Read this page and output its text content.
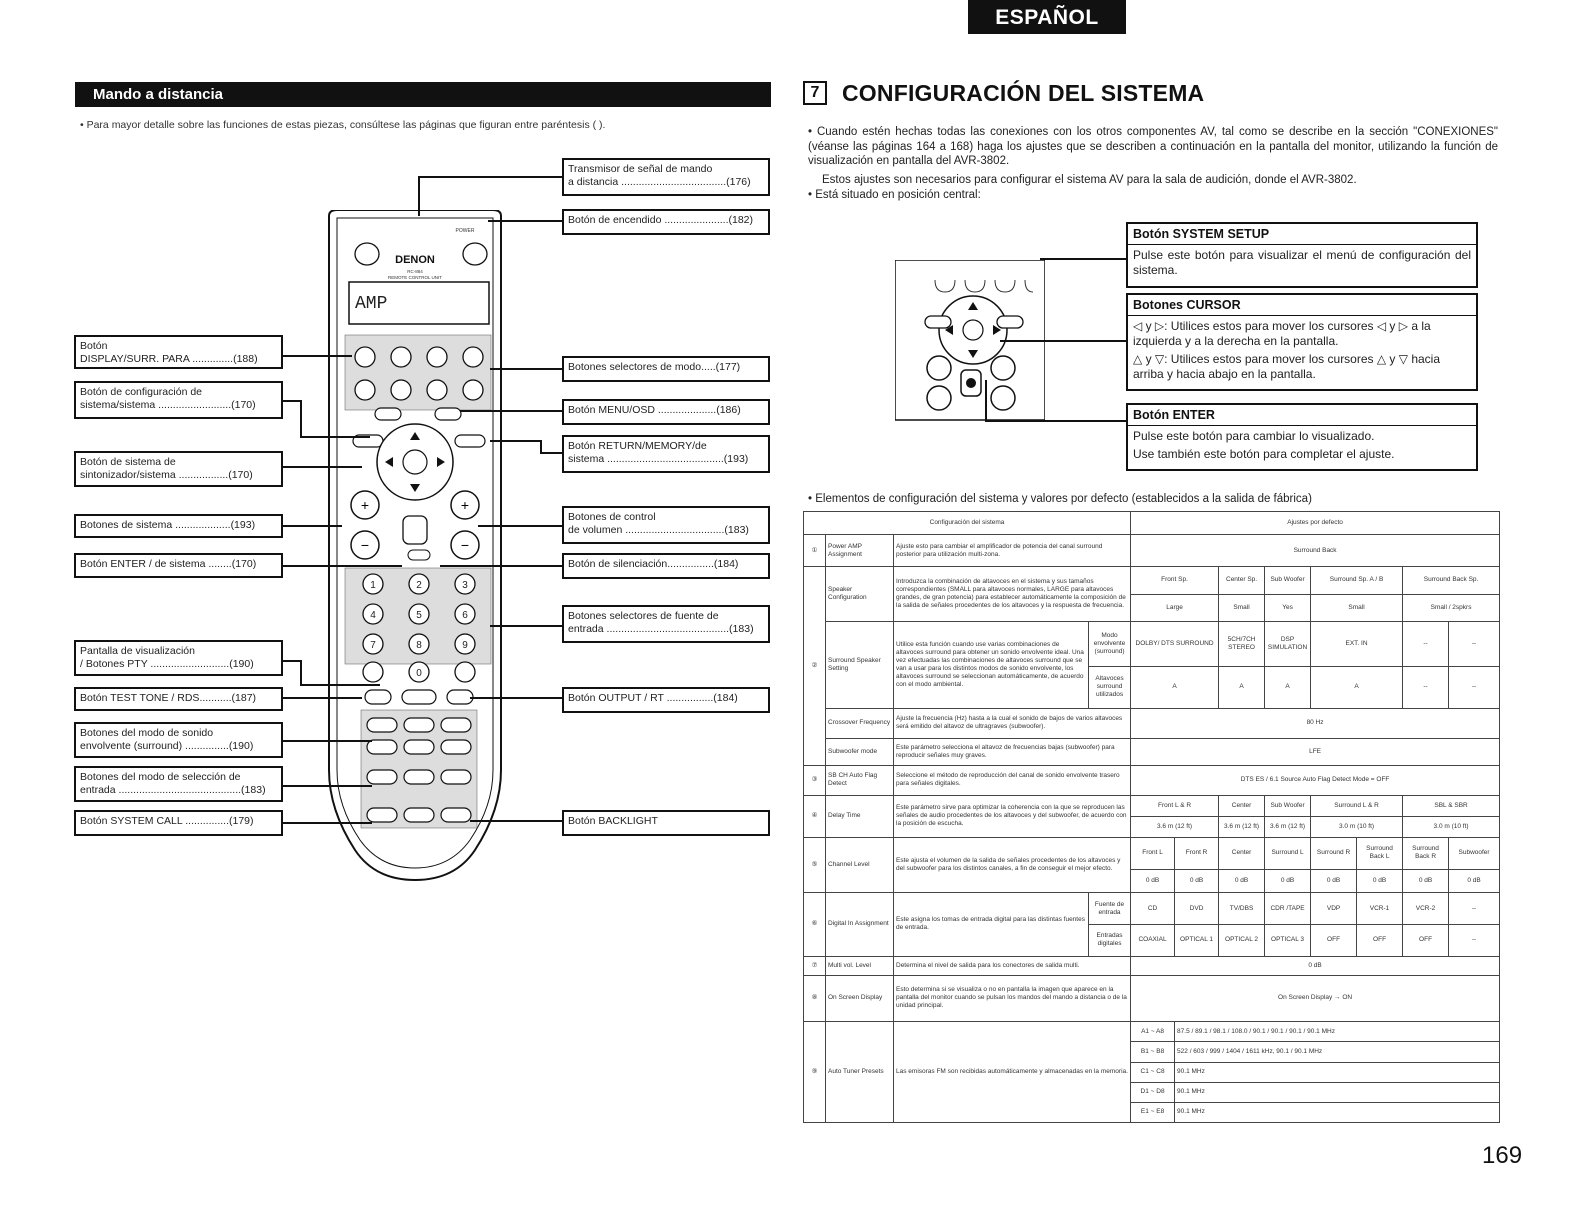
ESPAÑOL
Mando a distancia
• Para mayor detalle sobre las funciones de estas piezas, consúltese las páginas que figuran entre paréntesis ( ).
AMP
DENON
RC-884
REMOTE CONTROL UNIT
POWER
+	+
−	−
1	2	3
4	5	6
7	8	9
0
Botón
DISPLAY/SURR. PARA ..............(188)
Botón de configuración de
sistema/sistema .........................(170)
Botón de sistema de
sintonizador/sistema .................(170)
Botones de sistema ...................(193)
Botón ENTER / de sistema ........(170)
Pantalla de visualización
/ Botones PTY ...........................(190)
Botón TEST TONE / RDS...........(187)
Botones del modo de sonido
envolvente (surround) ...............(190)
Botones del modo de selección de
entrada ..........................................(183)
Botón SYSTEM CALL ...............(179)
Transmisor de señal de mando
a distancia ....................................(176)
Botón de encendido ......................(182)
Botones selectores de modo.....(177)
Botón MENU/OSD ....................(186)
Botón RETURN/MEMORY/de
sistema ........................................(193)
Botones de control
de volumen ..................................(183)
Botón de silenciación................(184)
Botones selectores de fuente de
entrada ..........................................(183)
Botón OUTPUT / RT ................(184)
Botón BACKLIGHT
7 CONFIGURACIÓN DEL SISTEMA
• Cuando estén hechas todas las conexiones con los otros componentes AV, tal como se describe en la sección "CONEXIONES" (véanse las páginas 164 a 168) haga los ajustes que se describen a continuación en la pantalla del monitor, utilizando la función de visualización en pantalla del AVR-3802.
Estos ajustes son necesarios para configurar el sistema AV para la sala de audición, donde el AVR-3802.
• Está situado en posición central:
Botón SYSTEM SETUP
Pulse este botón para visualizar el menú de configuración del sistema.
Botones CURSOR
◁ y ▷: Utilices estos para mover los cursores ◁ y ▷ a la izquierda y a la derecha en la pantalla.
△ y ▽: Utilices estos para mover los cursores △ y ▽ hacia arriba y hacia abajo en la pantalla.
Botón ENTER
Pulse este botón para cambiar lo visualizado.
Use también este botón para completar el ajuste.
• Elementos de configuración del sistema y valores por defecto (establecidos a la salida de fábrica)
Configuración del sistema				Ajustes por defecto							
①	Power AMP Assignment	Ajuste esto para cambiar el amplificador de potencia del canal surround posterior para utilización multi-zona.		Surround Back							
②	Speaker Configuration	Introduzca la combinación de altavoces en el sistema y sus tamaños correspondientes (SMALL para altavoces normales, LARGE para altavoces grandes, de gran potencia) para establecer automáticamente la composición de la salida de señales procedentes de los altavoces y la respuesta de frecuencia.		Front Sp.		Center Sp.	Sub Woofer	Surround Sp. A / B		Surround Back Sp.	
				Large		Small	Yes	Small		Small / 2spkrs	
	Surround Speaker Setting	Utilice esta función cuando use varias combinaciones de altavoces surround para obtener un sonido envolvente ideal. Una vez efectuadas las combinaciones de altavoces surround que se van a usar para los distintos modos de sonido envolvente, los altavoces surround se seleccionan automáticamente, de acuerdo con el modo ambiental.	Modo envolvente (surround)	DOLBY/ DTS SURROUND		5CH/7CH STEREO	DSP SIMULATION	EXT. IN		--	--
			Altavoces surround utilizados	A		A	A	A		--	--
	Crossover Frequency	Ajuste la frecuencia (Hz) hasta a la cual el sonido de bajos de varios altavoces será emitido del altavoz de ultragraves (subwoofer).		80 Hz							
	Subwoofer mode	Este parámetro selecciona el altavoz de frecuencias bajas (subwoofer) para reproducir señales muy graves.		LFE							
③	SB CH Auto Flag Detect	Seleccione el método de reproducción del canal de sonido envolvente trasero para señales digitales.		DTS ES / 6.1 Source Auto Flag Detect Mode = OFF							
④	Delay Time	Este parámetro sirve para optimizar la coherencia con la que se reproducen las señales de audio procedentes de los altavoces y del subwoofer, de acuerdo con la posición de escucha.		Front L & R		Center	Sub Woofer	Surround L & R		SBL & SBR	
				3.6 m (12 ft)		3.6 m (12 ft)	3.6 m (12 ft)	3.0 m (10 ft)		3.0 m (10 ft)	
⑤	Channel Level	Este ajusta el volumen de la salida de señales procedentes de los altavoces y del subwoofer para los distintos canales, a fin de conseguir el mejor efecto.		Front L	Front R	Center	Surround L	Surround R	Surround Back L	Surround Back R	Subwoofer
				0 dB	0 dB	0 dB	0 dB	0 dB	0 dB	0 dB	0 dB
⑥	Digital In Assignment	Este asigna los tomas de entrada digital para las distintas fuentes de entrada.	Fuente de entrada	CD	DVD	TV/DBS	CDR /TAPE	VDP	VCR-1	VCR-2	--
			Entradas digitales	COAXIAL	OPTICAL 1	OPTICAL 2	OPTICAL 3	OFF	OFF	OFF	--
⑦	Multi vol. Level	Determina el nivel de salida para los conectores de salida multi.		0 dB							
⑧	On Screen Display	Esto determina si se visualiza o no en pantalla la imagen que aparece en la pantalla del monitor cuando se pulsan los mandos del mando a distancia o de la unidad principal.		On Screen Display → ON							
⑨	Auto Tuner Presets	Las emisoras FM son recibidas automáticamente y almacenadas en la memoria.		A1 ~ A8	87.5 / 89.1 / 98.1 / 108.0 / 90.1 / 90.1 / 90.1 / 90.1 MHz						
				B1 ~ B8	522 / 603 / 999 / 1404 / 1611 kHz, 90.1 / 90.1 MHz						
				C1 ~ C8	90.1 MHz						
				D1 ~ D8	90.1 MHz						
				E1 ~ E8	90.1 MHz						
169
